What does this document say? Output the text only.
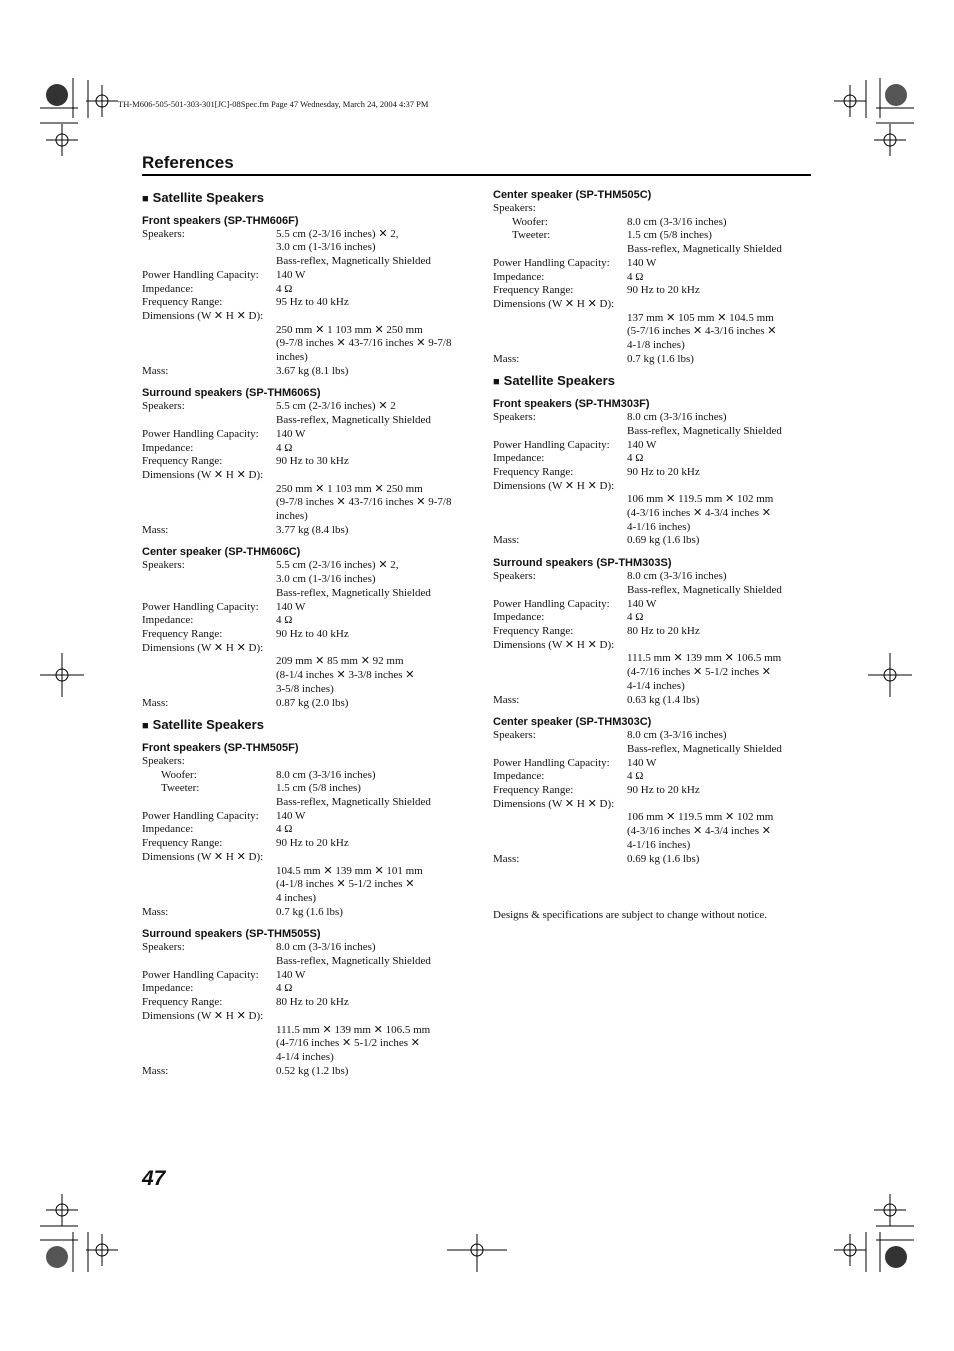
TH-M606-505-501-303-301[JC]-08Spec.fm Page 47 Wednesday, March 24, 2004 4:37 PM
References
■ Satellite Speakers
Front speakers (SP-THM606F)
Speakers:	5.5 cm (2-3/16 inches) ✕ 2,
3.0 cm (1-3/16 inches)
Bass-reflex, Magnetically Shielded
Power Handling Capacity:	140 W
Impedance:	4 Ω
Frequency Range:	95 Hz to 40 kHz
Dimensions (W ✕ H ✕ D):
250 mm ✕ 1 103 mm ✕ 250 mm
(9-7/8 inches ✕ 43-7/16 inches ✕ 9-7/8
inches)
Mass:	3.67 kg (8.1 lbs)
Surround speakers (SP-THM606S)
Speakers:	5.5 cm (2-3/16 inches) ✕ 2
Bass-reflex, Magnetically Shielded
Power Handling Capacity:	140 W
Impedance:	4 Ω
Frequency Range:	90 Hz to 30 kHz
Dimensions (W ✕ H ✕ D):
250 mm ✕ 1 103 mm ✕ 250 mm
(9-7/8 inches ✕ 43-7/16 inches ✕ 9-7/8
inches)
Mass:	3.77 kg (8.4 lbs)
Center speaker (SP-THM606C)
Speakers:	5.5 cm (2-3/16 inches) ✕ 2,
3.0 cm (1-3/16 inches)
Bass-reflex, Magnetically Shielded
Power Handling Capacity:	140 W
Impedance:	4 Ω
Frequency Range:	90 Hz to 40 kHz
Dimensions (W ✕ H ✕ D):
209 mm ✕ 85 mm ✕ 92 mm
(8-1/4 inches ✕ 3-3/8 inches ✕
3-5/8 inches)
Mass:	0.87 kg (2.0 lbs)
■ Satellite Speakers
Front speakers (SP-THM505F)
Speakers:
Woofer:	8.0 cm (3-3/16 inches)
Tweeter:	1.5 cm (5/8 inches)
Bass-reflex, Magnetically Shielded
Power Handling Capacity:	140 W
Impedance:	4 Ω
Frequency Range:	90 Hz to 20 kHz
Dimensions (W ✕ H ✕ D):
104.5 mm ✕ 139 mm ✕ 101 mm
(4-1/8 inches ✕ 5-1/2 inches ✕
4 inches)
Mass:	0.7 kg (1.6 lbs)
Surround speakers (SP-THM505S)
Speakers:	8.0 cm (3-3/16 inches)
Bass-reflex, Magnetically Shielded
Power Handling Capacity:	140 W
Impedance:	4 Ω
Frequency Range:	80 Hz to 20 kHz
Dimensions (W ✕ H ✕ D):
111.5 mm ✕ 139 mm ✕ 106.5 mm
(4-7/16 inches ✕ 5-1/2 inches ✕
4-1/4 inches)
Mass:	0.52 kg (1.2 lbs)
Center speaker (SP-THM505C)
Speakers:
Woofer:	8.0 cm (3-3/16 inches)
Tweeter:	1.5 cm (5/8 inches)
Bass-reflex, Magnetically Shielded
Power Handling Capacity:	140 W
Impedance:	4 Ω
Frequency Range:	90 Hz to 20 kHz
Dimensions (W ✕ H ✕ D):
137 mm ✕ 105 mm ✕ 104.5 mm
(5-7/16 inches ✕ 4-3/16 inches ✕
4-1/8 inches)
Mass:	0.7 kg (1.6 lbs)
■ Satellite Speakers
Front speakers (SP-THM303F)
Speakers:	8.0 cm (3-3/16 inches)
Bass-reflex, Magnetically Shielded
Power Handling Capacity:	140 W
Impedance:	4 Ω
Frequency Range:	90 Hz to 20 kHz
Dimensions (W ✕ H ✕ D):
106 mm ✕ 119.5 mm ✕ 102 mm
(4-3/16 inches ✕ 4-3/4 inches ✕
4-1/16 inches)
Mass:	0.69 kg (1.6 lbs)
Surround speakers (SP-THM303S)
Speakers:	8.0 cm (3-3/16 inches)
Bass-reflex, Magnetically Shielded
Power Handling Capacity:	140 W
Impedance:	4 Ω
Frequency Range:	80 Hz to 20 kHz
Dimensions (W ✕ H ✕ D):
111.5 mm ✕ 139 mm ✕ 106.5 mm
(4-7/16 inches ✕ 5-1/2 inches ✕
4-1/4 inches)
Mass:	0.63 kg (1.4 lbs)
Center speaker (SP-THM303C)
Speakers:	8.0 cm (3-3/16 inches)
Bass-reflex, Magnetically Shielded
Power Handling Capacity:	140 W
Impedance:	4 Ω
Frequency Range:	90 Hz to 20 kHz
Dimensions (W ✕ H ✕ D):
106 mm ✕ 119.5 mm ✕ 102 mm
(4-3/16 inches ✕ 4-3/4 inches ✕
4-1/16 inches)
Mass:	0.69 kg (1.6 lbs)
Designs & specifications are subject to change without notice.
47
